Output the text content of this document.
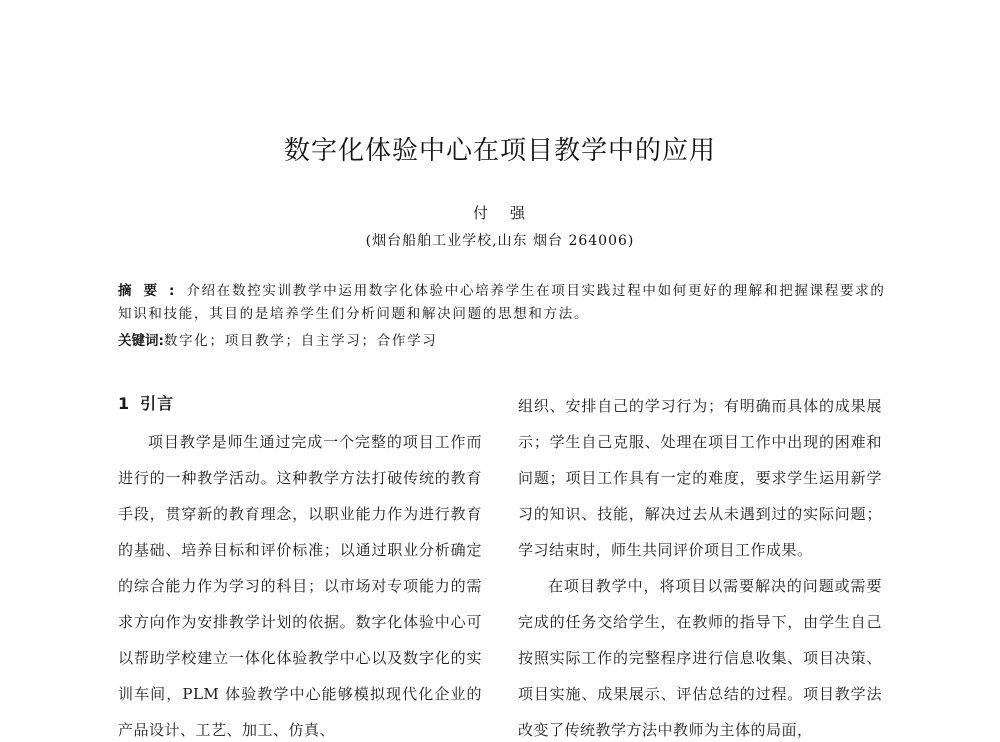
数字化体验中心在项目教学中的应用
付强
(烟台船舶工业学校,山东 烟台 264006)
摘要:介绍在数控实训教学中运用数字化体验中心培养学生在项目实践过程中如何更好的理解和把握课程要求的知识和技能，其目的是培养学生们分析问题和解决问题的思想和方法。
关键词:数字化；项目教学；自主学习；合作学习
1 引言

项目教学是师生通过完成一个完整的项目工作而进行的一种教学活动。这种教学方法打破传统的教育手段，贯穿新的教育理念，以职业能力作为进行教育的基础、培养目标和评价标准；以通过职业分析确定的综合能力作为学习的科目；以市场对专项能力的需求方向作为安排教学计划的依据。数字化体验中心可以帮助学校建立一体化体验教学中心以及数字化的实训车间，PLM 体验教学中心能够模拟现代化企业的产品设计、工艺、加工、仿真、

组织、安排自己的学习行为；有明确而具体的成果展示；学生自己克服、处理在项目工作中出现的困难和问题；项目工作具有一定的难度，要求学生运用新学习的知识、技能，解决过去从未遇到过的实际问题；学习结束时，师生共同评价项目工作成果。

在项目教学中，将项目以需要解决的问题或需要完成的任务交给学生，在教师的指导下，由学生自己按照实际工作的完整程序进行信息收集、项目决策、项目实施、成果展示、评估总结的过程。项目教学法改变了传统教学方法中教师为主体的局面，
